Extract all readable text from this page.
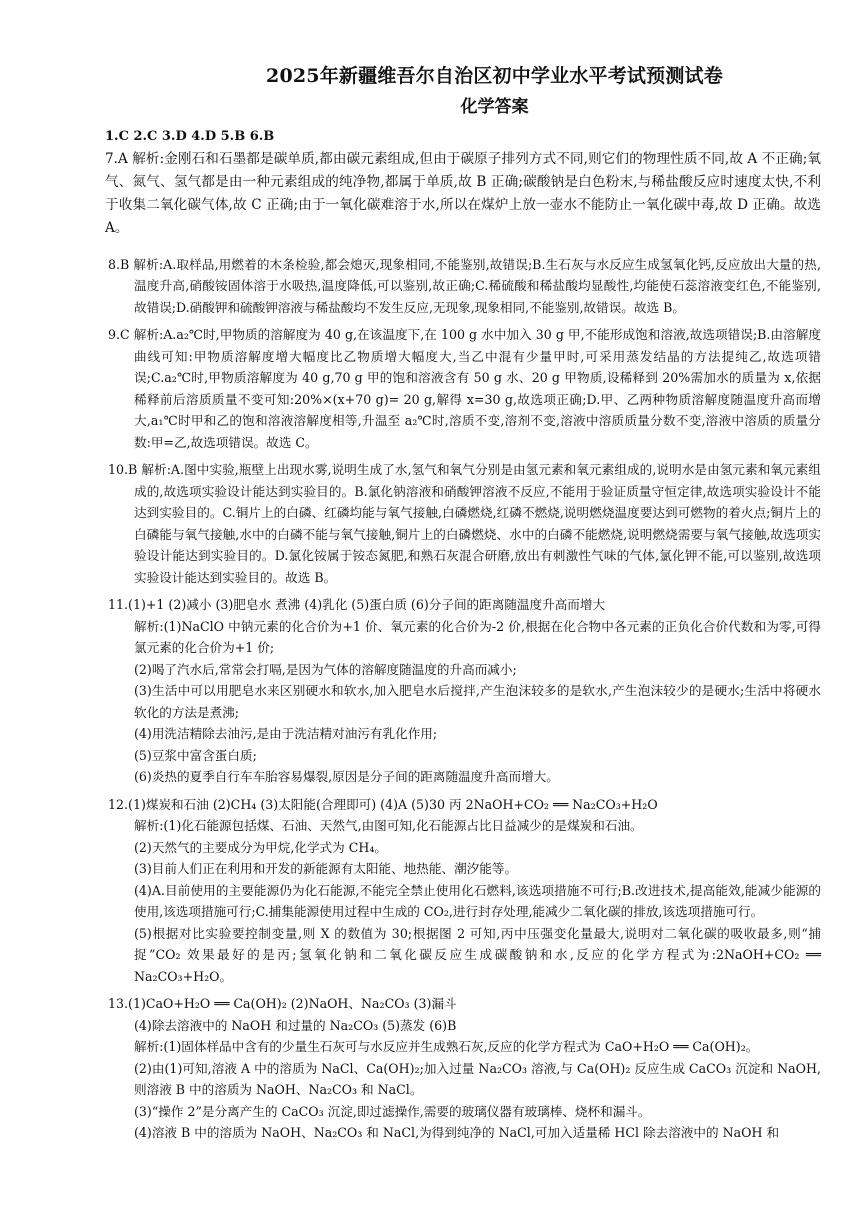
2025年新疆维吾尔自治区初中学业水平考试预测试卷
化学答案

1.C 2.C 3.D 4.D 5.B 6.B

7.A 解析:金刚石和石墨都是碳单质,都由碳元素组成,但由于碳原子排列方式不同,则它们的物理性质不同,故 A 不正确;氧气、氮气、氢气都是由一种元素组成的纯净物,都属于单质,故 B 正确;碳酸钠是白色粉末,与稀盐酸反应时速度太快,不利于收集二氧化碳气体,故 C 正确;由于一氧化碳难溶于水,所以在煤炉上放一壶水不能防止一氧化碳中毒,故 D 正确。故选 A。

8.B 解析:A.取样品,用燃着的木条检验,都会熄灭,现象相同,不能鉴别,故错误;B.生石灰与水反应生成氢氧化钙,反应放出大量的热,温度升高,硝酸铵固体溶于水吸热,温度降低,可以鉴别,故正确;C.稀硫酸和稀盐酸均显酸性,均能使石蕊溶液变红色,不能鉴别,故错误;D.硝酸钾和硫酸钾溶液与稀盐酸均不发生反应,无现象,现象相同,不能鉴别,故错误。故选 B。

9.C 解析:A.a₂℃时,甲物质的溶解度为 40 g,在该温度下,在 100 g 水中加入 30 g 甲,不能形成饱和溶液,故选项错误;B.由溶解度曲线可知:甲物质溶解度增大幅度比乙物质增大幅度大,当乙中混有少量甲时,可采用蒸发结晶的方法提纯乙,故选项错误;C.a₂℃时,甲物质溶解度为 40 g,70 g 甲的饱和溶液含有 50 g 水、20 g 甲物质,设稀释到 20%需加水的质量为 x,依据稀释前后溶质质量不变可知:20%×(x+70 g)= 20 g,解得 x=30 g,故选项正确;D.甲、乙两种物质溶解度随温度升高而增大,a₁℃时甲和乙的饱和溶液溶解度相等,升温至 a₂℃时,溶质不变,溶剂不变,溶液中溶质质量分数不变,溶液中溶质的质量分数:甲=乙,故选项错误。故选 C。

10.B 解析:A.图中实验,瓶壁上出现水雾,说明生成了水,氢气和氧气分别是由氢元素和氧元素组成的,说明水是由氢元素和氧元素组成的,故选项实验设计能达到实验目的。B.氯化钠溶液和硝酸钾溶液不反应,不能用于验证质量守恒定律,故选项实验设计不能达到实验目的。C.铜片上的白磷、红磷均能与氧气接触,白磷燃烧,红磷不燃烧,说明燃烧温度要达到可燃物的着火点;铜片上的白磷能与氧气接触,水中的白磷不能与氧气接触,铜片上的白磷燃烧、水中的白磷不能燃烧,说明燃烧需要与氧气接触,故选项实验设计能达到实验目的。D.氯化铵属于铵态氮肥,和熟石灰混合研磨,放出有刺激性气味的气体,氯化钾不能,可以鉴别,故选项实验设计能达到实验目的。故选 B。

11.(1)+1 (2)减小 (3)肥皂水 煮沸 (4)乳化 (5)蛋白质 (6)分子间的距离随温度升高而增大

解析:(1)NaClO 中钠元素的化合价为+1 价、氧元素的化合价为-2 价,根据在化合物中各元素的正负化合价代数和为零,可得氯元素的化合价为+1 价;

(2)喝了汽水后,常常会打嗝,是因为气体的溶解度随温度的升高而减小;

(3)生活中可以用肥皂水来区别硬水和软水,加入肥皂水后搅拌,产生泡沫较多的是软水,产生泡沫较少的是硬水;生活中将硬水软化的方法是煮沸;

(4)用洗洁精除去油污,是由于洗洁精对油污有乳化作用;

(5)豆浆中富含蛋白质;

(6)炎热的夏季自行车车胎容易爆裂,原因是分子间的距离随温度升高而增大。

12.(1)煤炭和石油 (2)CH₄ (3)太阳能(合理即可) (4)A (5)30 丙 2NaOH+CO₂ ══ Na₂CO₃+H₂O

解析:(1)化石能源包括煤、石油、天然气,由图可知,化石能源占比日益减少的是煤炭和石油。

(2)天然气的主要成分为甲烷,化学式为 CH₄。

(3)目前人们正在利用和开发的新能源有太阳能、地热能、潮汐能等。

(4)A.目前使用的主要能源仍为化石能源,不能完全禁止使用化石燃料,该选项措施不可行;B.改进技术,提高能效,能减少能源的使用,该选项措施可行;C.捕集能源使用过程中生成的 CO₂,进行封存处理,能减少二氧化碳的排放,该选项措施可行。

(5)根据对比实验要控制变量,则 X 的数值为 30;根据图 2 可知,丙中压强变化量最大,说明对二氧化碳的吸收最多,则“捕捉”CO₂ 效果最好的是丙;氢氧化钠和二氧化碳反应生成碳酸钠和水,反应的化学方程式为:2NaOH+CO₂ ══ Na₂CO₃+H₂O。

13.(1)CaO+H₂O ══ Ca(OH)₂ (2)NaOH、Na₂CO₃ (3)漏斗

(4)除去溶液中的 NaOH 和过量的 Na₂CO₃ (5)蒸发 (6)B

解析:(1)固体样品中含有的少量生石灰可与水反应并生成熟石灰,反应的化学方程式为 CaO+H₂O ══ Ca(OH)₂。

(2)由(1)可知,溶液 A 中的溶质为 NaCl、Ca(OH)₂;加入过量 Na₂CO₃ 溶液,与 Ca(OH)₂ 反应生成 CaCO₃ 沉淀和 NaOH,则溶液 B 中的溶质为 NaOH、Na₂CO₃ 和 NaCl。

(3)“操作 2”是分离产生的 CaCO₃ 沉淀,即过滤操作,需要的玻璃仪器有玻璃棒、烧杯和漏斗。

(4)溶液 B 中的溶质为 NaOH、Na₂CO₃ 和 NaCl,为得到纯净的 NaCl,可加入适量稀 HCl 除去溶液中的 NaOH 和
